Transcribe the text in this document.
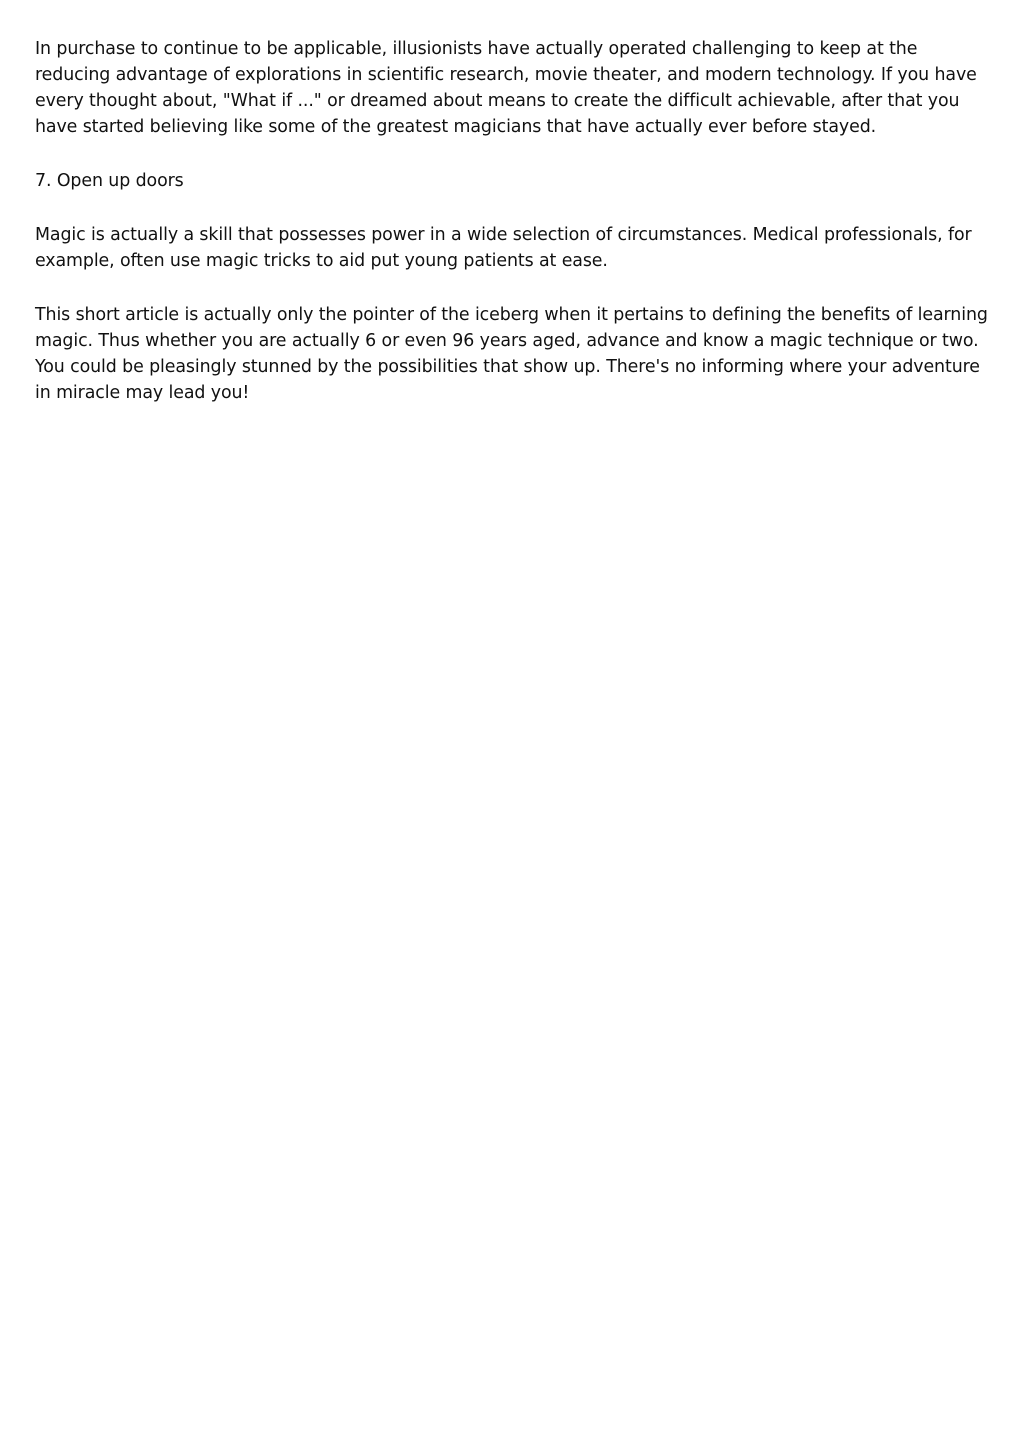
In purchase to continue to be applicable, illusionists have actually operated challenging to keep at the reducing advantage of explorations in scientific research, movie theater, and modern technology. If you have every thought about, "What if ..." or dreamed about means to create the difficult achievable, after that you have started believing like some of the greatest magicians that have actually ever before stayed.

7. Open up doors

Magic is actually a skill that possesses power in a wide selection of circumstances. Medical professionals, for example, often use magic tricks to aid put young patients at ease.

This short article is actually only the pointer of the iceberg when it pertains to defining the benefits of learning magic. Thus whether you are actually 6 or even 96 years aged, advance and know a magic technique or two. You could be pleasingly stunned by the possibilities that show up. There's no informing where your adventure in miracle may lead you!
